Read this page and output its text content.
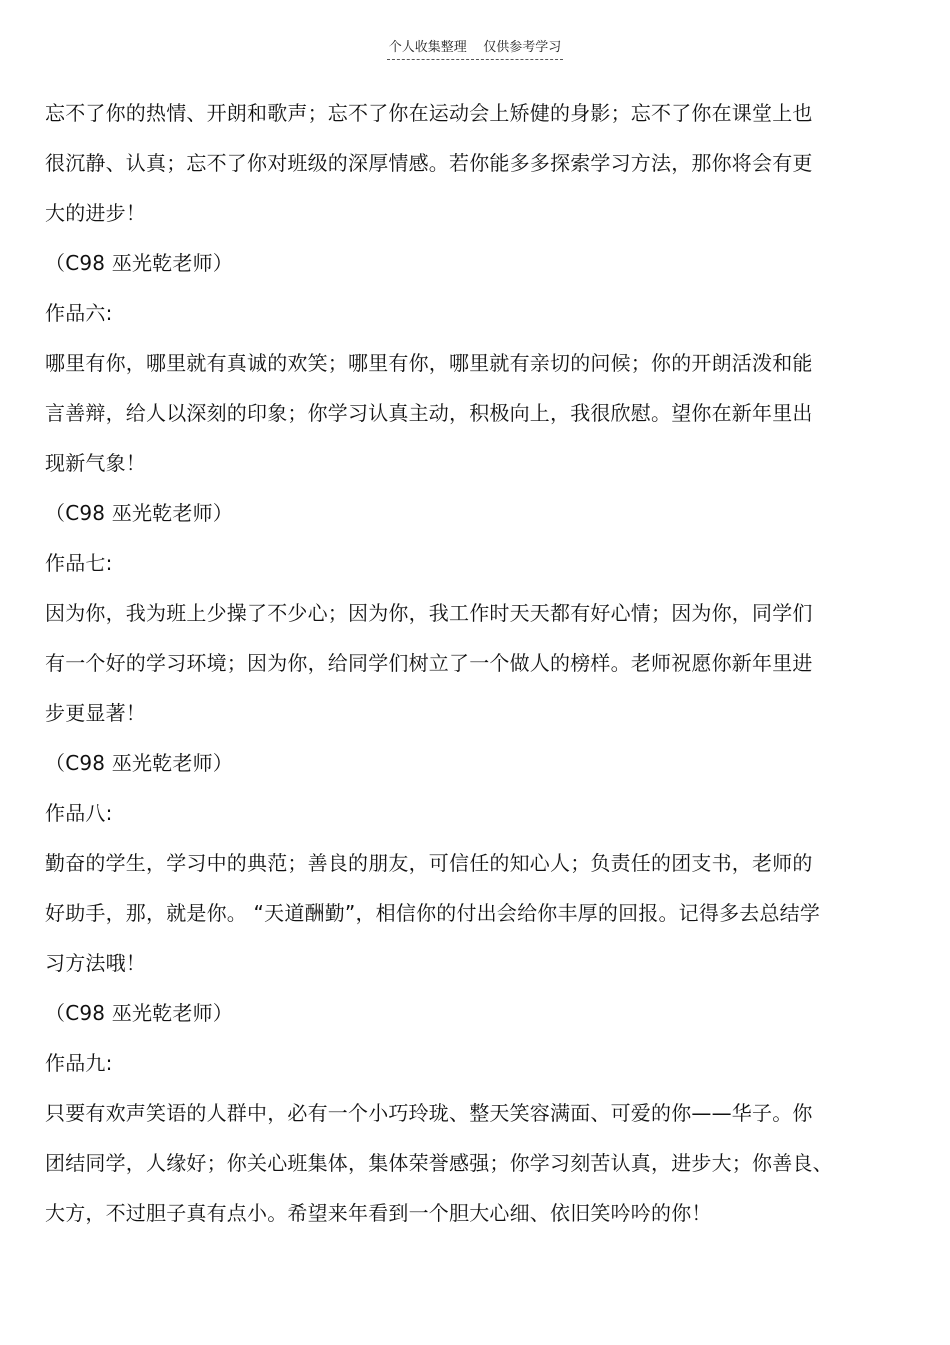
个人收集整理    仅供参考学习
忘不了你的热情、开朗和歌声；忘不了你在运动会上矫健的身影；忘不了你在课堂上也
很沉静、认真；忘不了你对班级的深厚情感。若你能多多探索学习方法，那你将会有更
大的进步！
（C98 巫光乾老师）
作品六:
哪里有你，哪里就有真诚的欢笑；哪里有你，哪里就有亲切的问候；你的开朗活泼和能
言善辩，给人以深刻的印象；你学习认真主动，积极向上，我很欣慰。望你在新年里出
现新气象！
（C98 巫光乾老师）
作品七:
因为你，我为班上少操了不少心；因为你，我工作时天天都有好心情；因为你，同学们
有一个好的学习环境；因为你，给同学们树立了一个做人的榜样。老师祝愿你新年里进
步更显著！
（C98 巫光乾老师）
作品八:
勤奋的学生，学习中的典范；善良的朋友，可信任的知心人；负责任的团支书，老师的
好助手，那，就是你。 “天道酬勤”，相信你的付出会给你丰厚的回报。记得多去总结学
习方法哦！
（C98 巫光乾老师）
作品九:
只要有欢声笑语的人群中，必有一个小巧玲珑、整天笑容满面、可爱的你——华子。你
团结同学，人缘好；你关心班集体，集体荣誉感强；你学习刻苦认真，进步大；你善良、
大方，不过胆子真有点小。希望来年看到一个胆大心细、依旧笑吟吟的你！
